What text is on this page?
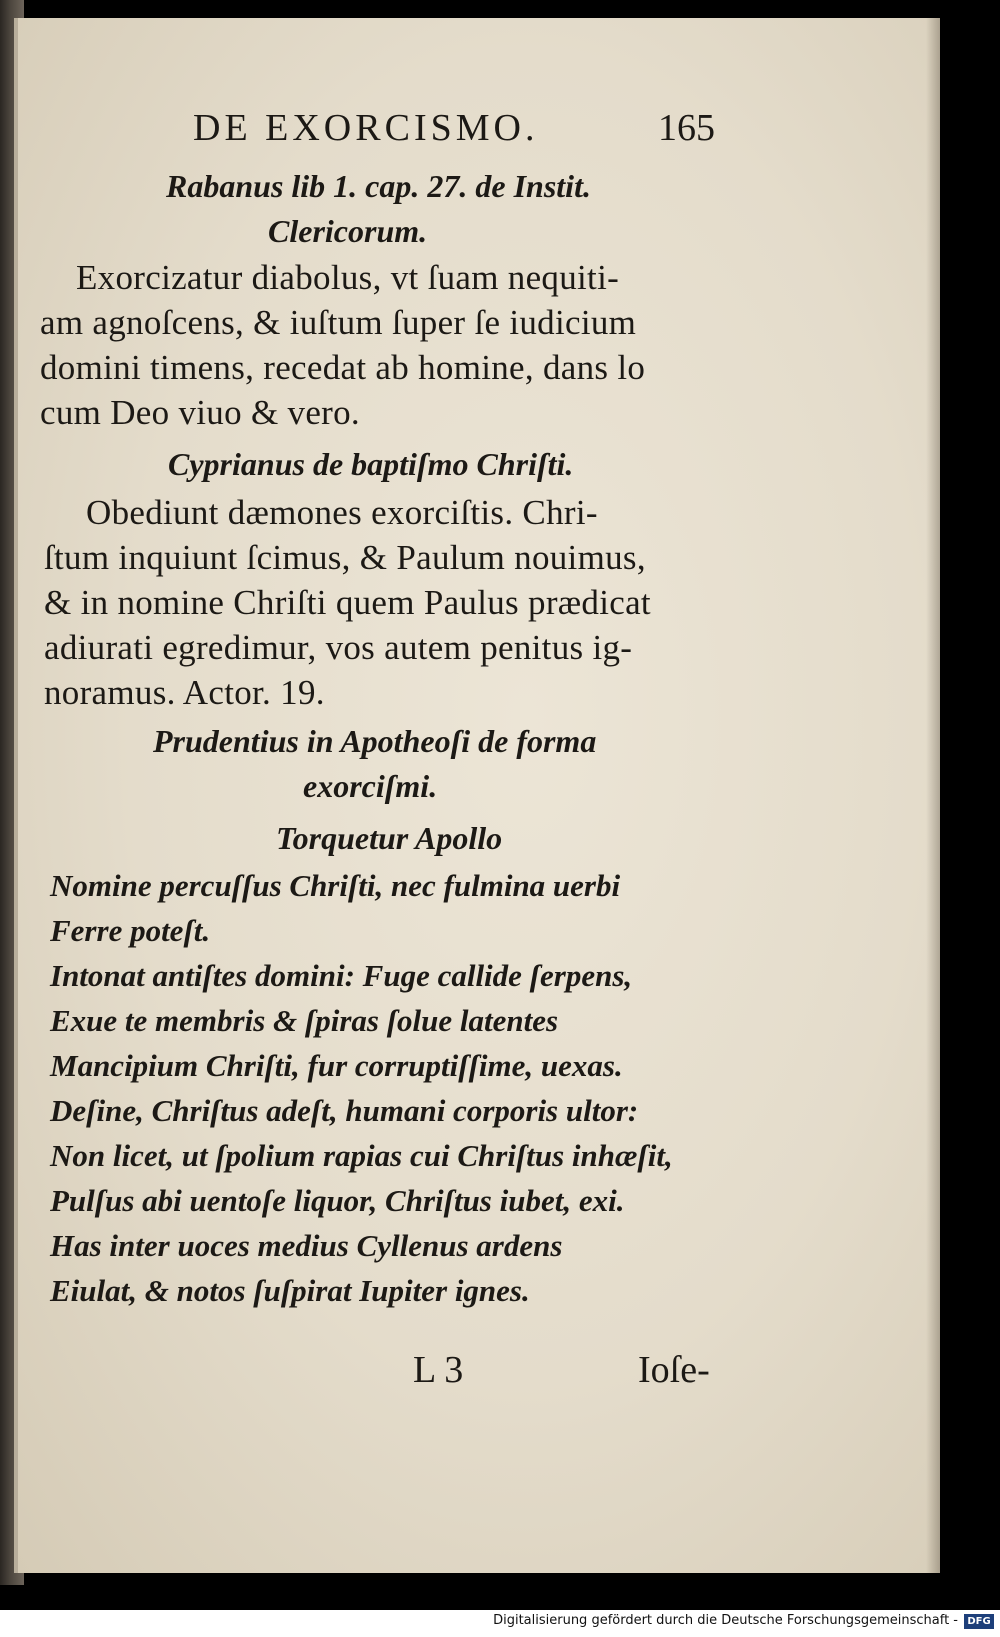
DE EXORCISMO.	165
Rabanus lib 1. cap. 27. de Instit.
Clericorum.
Exorcizatur diabolus, vt ſuam nequiti-
am agnoſcens, & iuſtum ſuper ſe iudicium
domini timens, recedat ab homine, dans lo
cum Deo viuo & vero.
Cyprianus de baptiſmo Chriſti.
Obediunt dæmones exorciſtis. Chri-
ſtum inquiunt ſcimus, & Paulum nouimus,
& in nomine Chriſti quem Paulus prædicat
adiurati egredimur, vos autem penitus ig-
noramus. Actor. 19.
Prudentius in Apotheoſi de forma
exorciſmi.
Torquetur Apollo
Nomine percuſſus Chriſti, nec fulmina uerbi
Ferre poteſt.
Intonat antiſtes domini: Fuge callide ſerpens,
Exue te membris & ſpiras ſolue latentes
Mancipium Chriſti, fur corruptiſſime, uexas.
Deſine, Chriſtus adeſt, humani corporis ultor:
Non licet, ut ſpolium rapias cui Chriſtus inhæſit,
Pulſus abi uentoſe liquor, Chriſtus iubet, exi.
Has inter uoces medius Cyllenus ardens
Eiulat, & notos ſuſpirat Iupiter ignes.
L 3	Ioſe-
Digitalisierung gefördert durch die Deutsche Forschungsgemeinschaft - DFG
